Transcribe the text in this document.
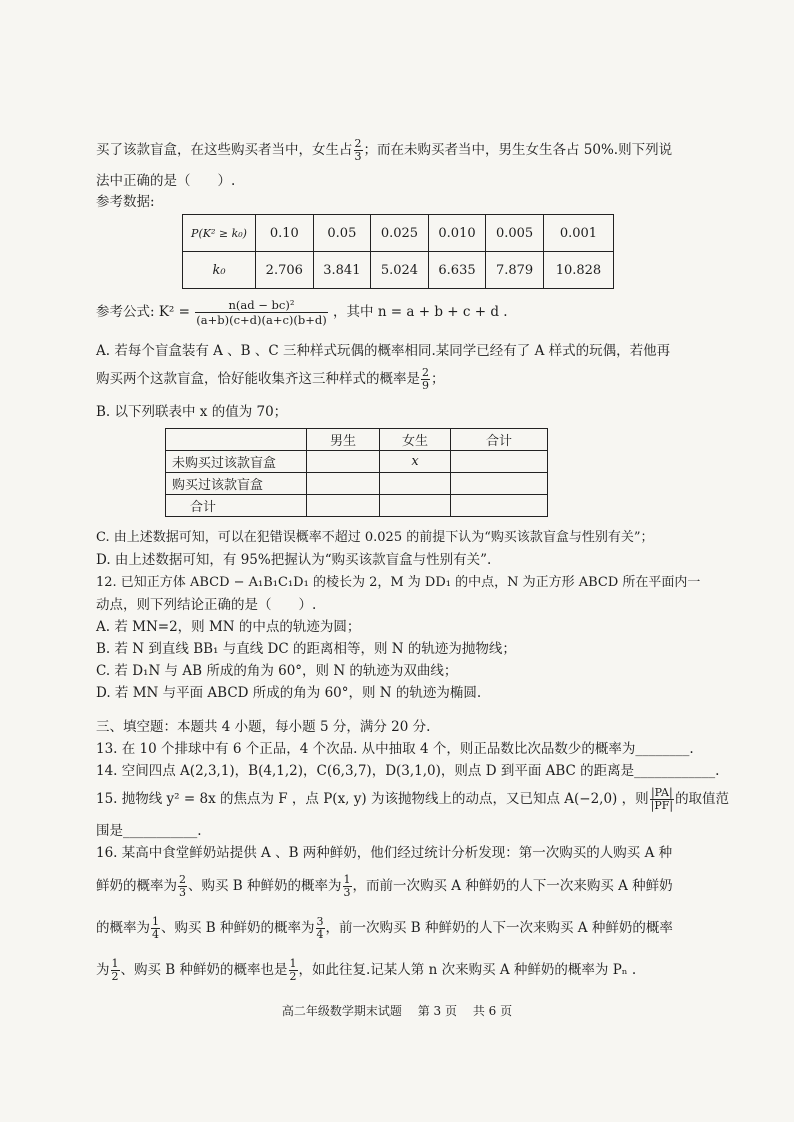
买了该款盲盒，在这些购买者当中，女生占 $\frac{2}{3}$ ；而在未购买者当中，男生女生各占 50%.则下列说
法中正确的是（　　）.
参考数据:
P(K² ≥ k₀)	0.10	0.05	0.025	0.010	0.005	0.001
k₀	2.706	3.841	5.024	6.635	7.879	10.828
参考公式: $K^2 = \frac{\text{n(ad − bc)²}}{(a+b)(c+d)(a+c)(b+d)}$ ，其中 n = a + b + c + d .
A. 若每个盲盒装有 A 、B 、C 三种样式玩偶的概率相同.某同学已经有了 A 样式的玩偶，若他再
购买两个这款盲盒，恰好能收集齐这三种样式的概率是 $\frac{2}{9}$ ；
B. 以下列联表中 x 的值为 70；
	男生	女生	合计
未购买过该款盲盒		x	
购买过该款盲盒			
合计			
C. 由上述数据可知，可以在犯错误概率不超过 0.025 的前提下认为“购买该款盲盒与性别有关”；
D. 由上述数据可知，有 95%把握认为“购买该款盲盒与性别有关”.
12. 已知正方体 ABCD − A₁B₁C₁D₁ 的棱长为 2，M 为 DD₁ 的中点，N 为正方形 ABCD 所在平面内一
动点，则下列结论正确的是（　　）.
A. 若 MN=2，则 MN 的中点的轨迹为圆；
B. 若 N 到直线 BB₁ 与直线 DC 的距离相等，则 N 的轨迹为抛物线；
C. 若 D₁N 与 AB 所成的角为 60°，则 N 的轨迹为双曲线；
D. 若 MN 与平面 ABCD 所成的角为 60°，则 N 的轨迹为椭圆.
三、填空题：本题共 4 小题，每小题 5 分，满分 20 分.
13. 在 10 个排球中有 6 个正品，4 个次品. 从中抽取 4 个，则正品数比次品数少的概率为________.
14. 空间四点 A(2,3,1)，B(4,1,2)，C(6,3,7)，D(3,1,0)，则点 D 到平面 ABC 的距离是____________.
15. 抛物线 y² = 8x 的焦点为 F ，点 P(x, y) 为该抛物线上的动点，又已知点 A(−2,0) ，则 $\frac{|PA|}{|PF|}$ 的取值范
围是___________.
16. 某高中食堂鲜奶站提供 A 、B 两种鲜奶，他们经过统计分析发现：第一次购买的人购买 A 种
鲜奶的概率为 $\frac{2}{3}$ 、购买 B 种鲜奶的概率为 $\frac{1}{3}$ ，而前一次购买 A 种鲜奶的人下一次来购买 A 种鲜奶
的概率为 $\frac{1}{4}$ 、购买 B 种鲜奶的概率为 $\frac{3}{4}$ ，前一次购买 B 种鲜奶的人下一次来购买 A 种鲜奶的概率
为 $\frac{1}{2}$ 、购买 B 种鲜奶的概率也是 $\frac{1}{2}$ ，如此往复.记某人第 n 次来购买 A 种鲜奶的概率为 Pₙ .
高二年级数学期末试题 第 3 页 共 6 页
